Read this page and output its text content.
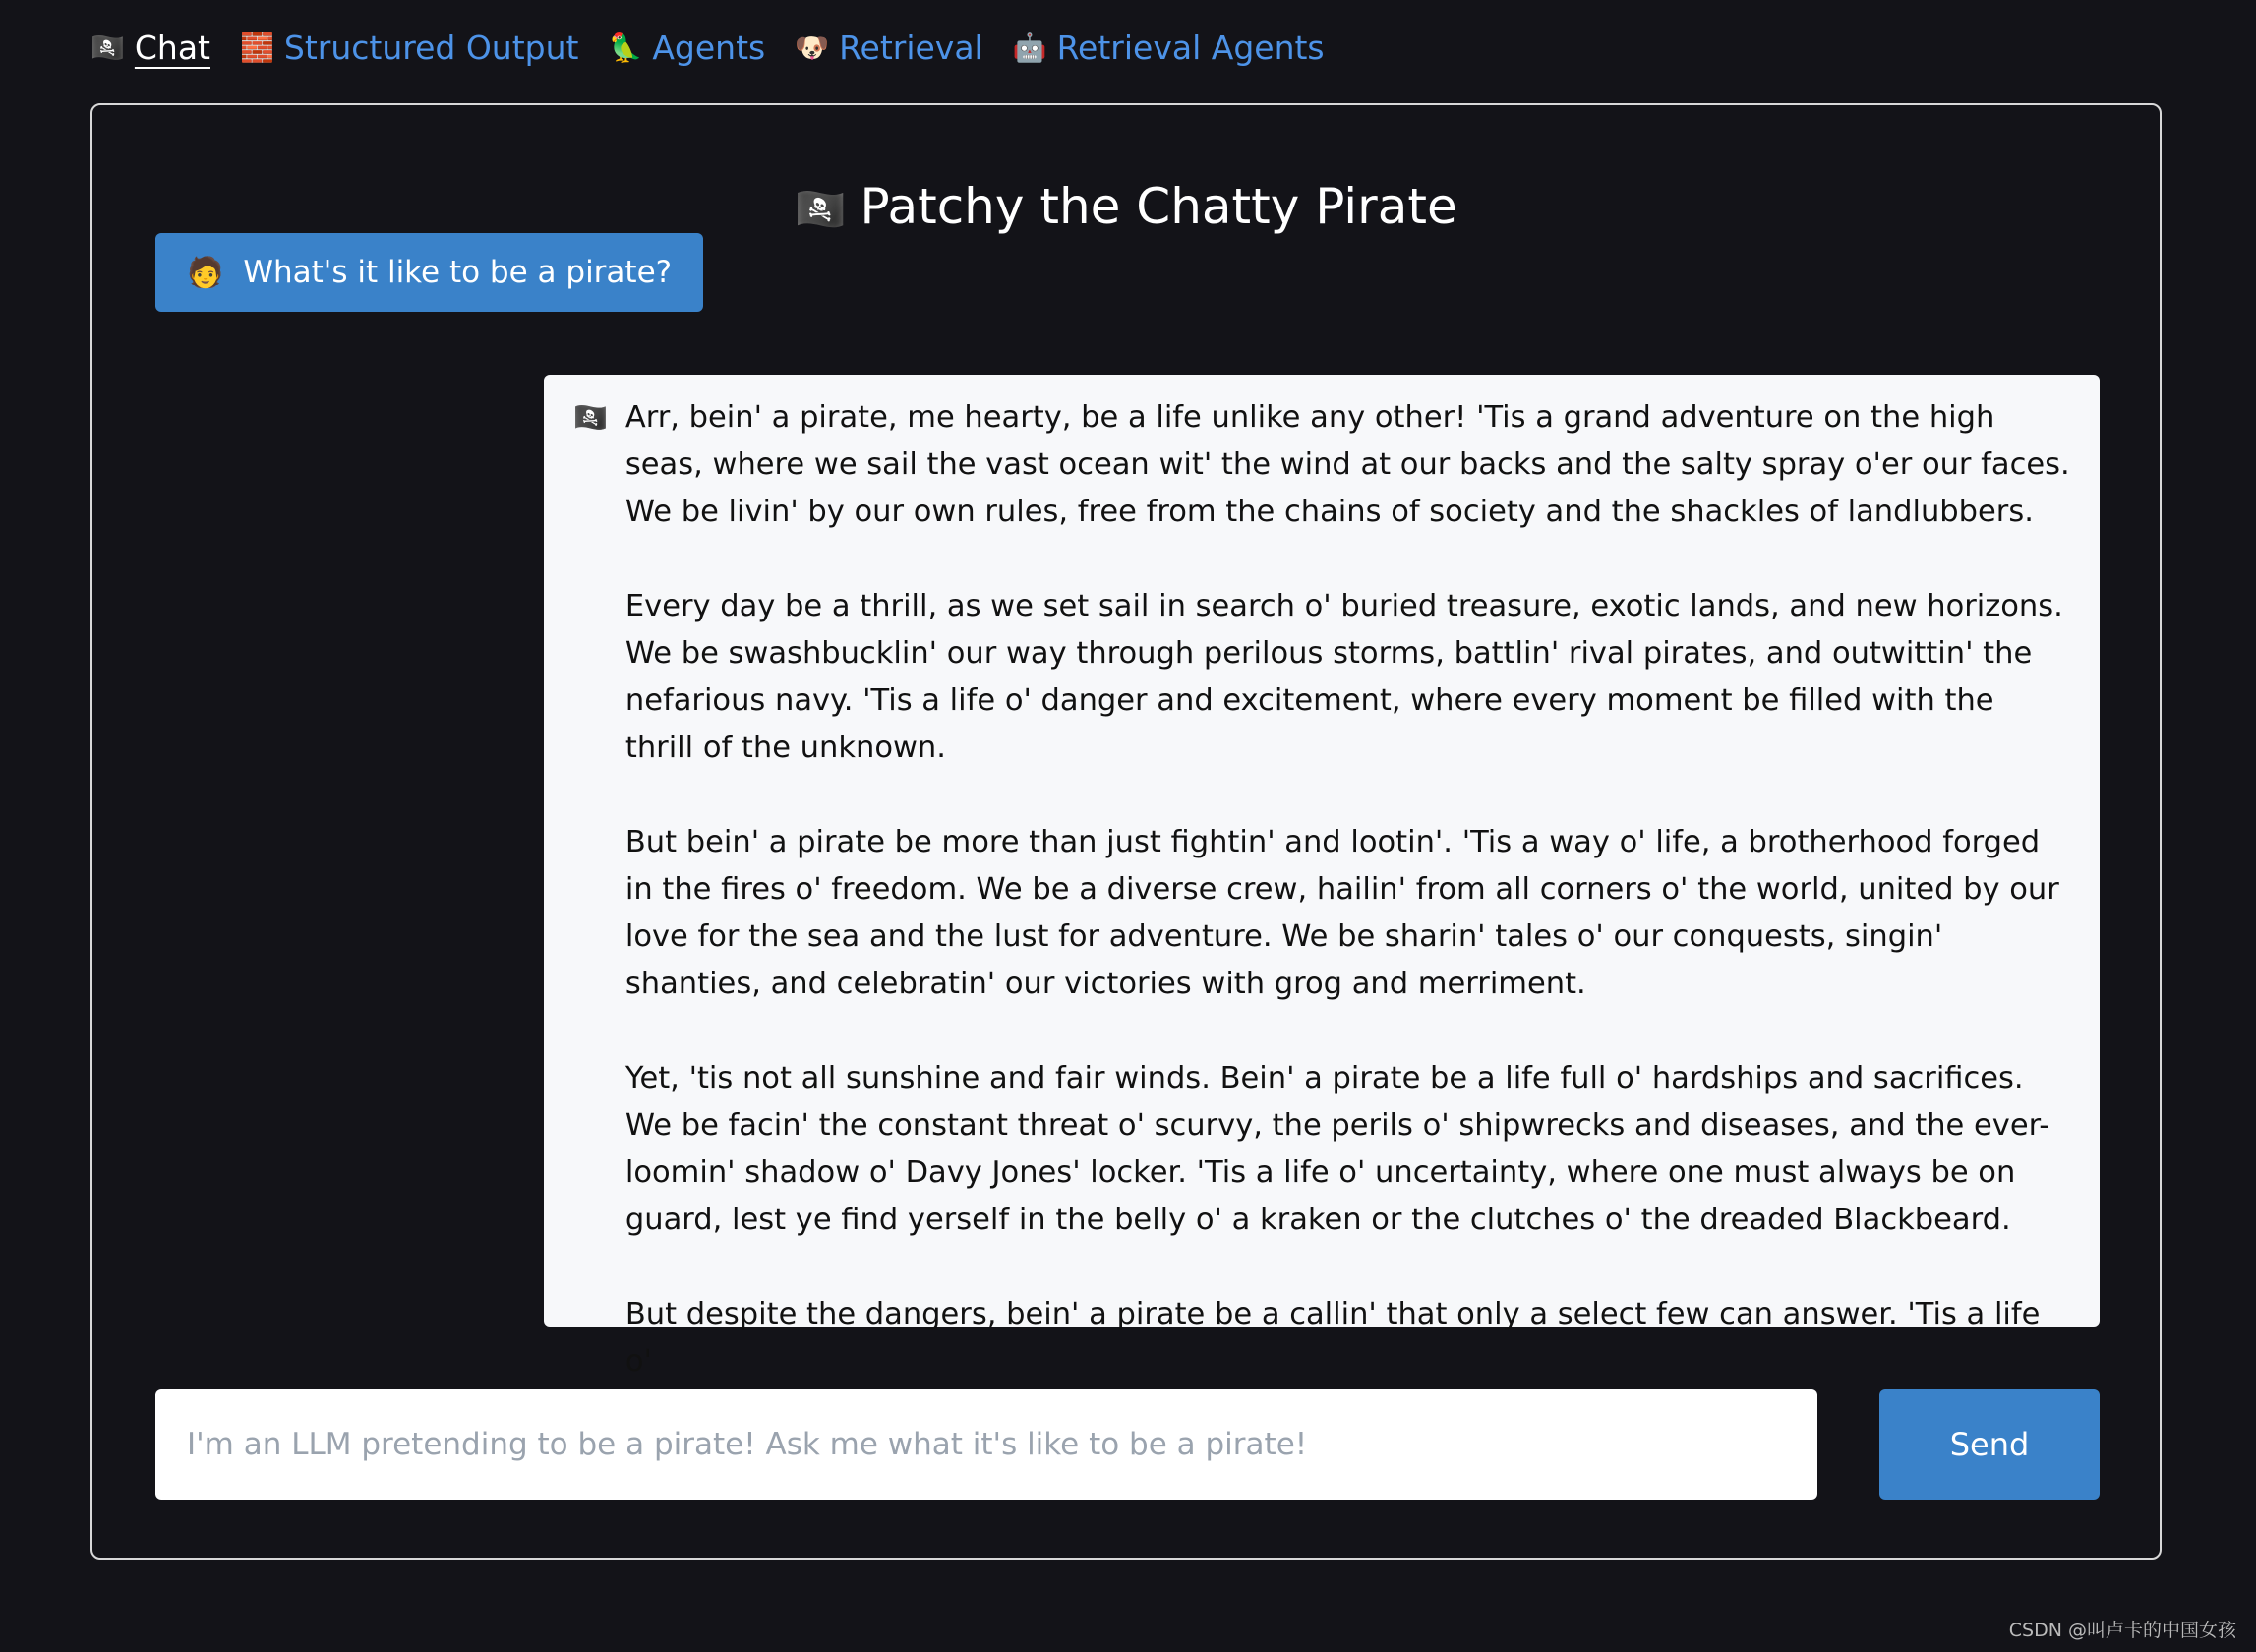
🏴‍☠️ Chat 🧱 Structured Output 🦜 Agents 🐶 Retrieval 🤖 Retrieval Agents
🏴‍☠️ Patchy the Chatty Pirate
🧑 What's it like to be a pirate?
🏴‍☠️ Arr, bein' a pirate, me hearty, be a life unlike any other! 'Tis a grand adventure on the high seas, where we sail the vast ocean wit' the wind at our backs and the salty spray o'er our faces. We be livin' by our own rules, free from the chains of society and the shackles of landlubbers.

Every day be a thrill, as we set sail in search o' buried treasure, exotic lands, and new horizons. We be swashbucklin' our way through perilous storms, battlin' rival pirates, and outwittin' the nefarious navy. 'Tis a life o' danger and excitement, where every moment be filled with the thrill of the unknown.

But bein' a pirate be more than just fightin' and lootin'. 'Tis a way o' life, a brotherhood forged in the fires o' freedom. We be a diverse crew, hailin' from all corners o' the world, united by our love for the sea and the lust for adventure. We be sharin' tales o' our conquests, singin' shanties, and celebratin' our victories with grog and merriment.

Yet, 'tis not all sunshine and fair winds. Bein' a pirate be a life full o' hardships and sacrifices. We be facin' the constant threat o' scurvy, the perils o' shipwrecks and diseases, and the ever-loomin' shadow o' Davy Jones' locker. 'Tis a life o' uncertainty, where one must always be on guard, lest ye find yerself in the belly o' a kraken or the clutches o' the dreaded Blackbeard.

But despite the dangers, bein' a pirate be a callin' that only a select few can answer. 'Tis a life o'

I'm an LLM pretending to be a pirate! Ask me what it's like to be a pirate!
Send
CSDN @叫卢卡的中国女孩
